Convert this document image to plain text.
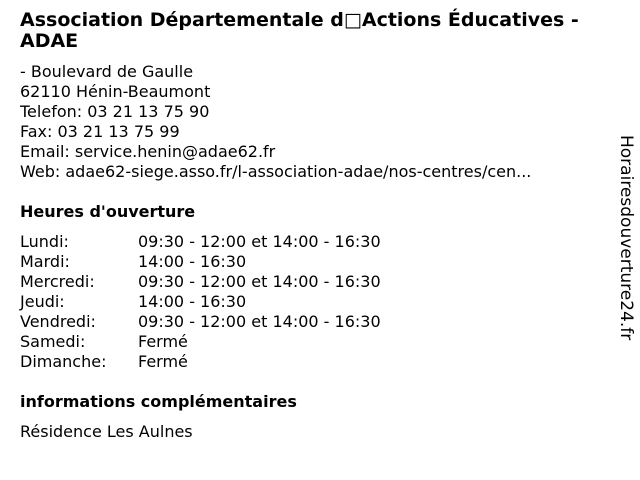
Association Départementale d□Actions Éducatives - ADAE
- Boulevard de Gaulle
62110 Hénin-Beaumont
Telefon: 03 21 13 75 90
Fax: 03 21 13 75 99
Email: service.henin@adae62.fr
Web: adae62-siege.asso.fr/l-association-adae/nos-centres/cen...
Heures d'ouverture
Lundi:	09:30 - 12:00 et 14:00 - 16:30
Mardi:	14:00 - 16:30
Mercredi:	09:30 - 12:00 et 14:00 - 16:30
Jeudi:	14:00 - 16:30
Vendredi:	09:30 - 12:00 et 14:00 - 16:30
Samedi:	Fermé
Dimanche:	Fermé
informations complémentaires
Résidence Les Aulnes
Horairesdouverture24.fr
